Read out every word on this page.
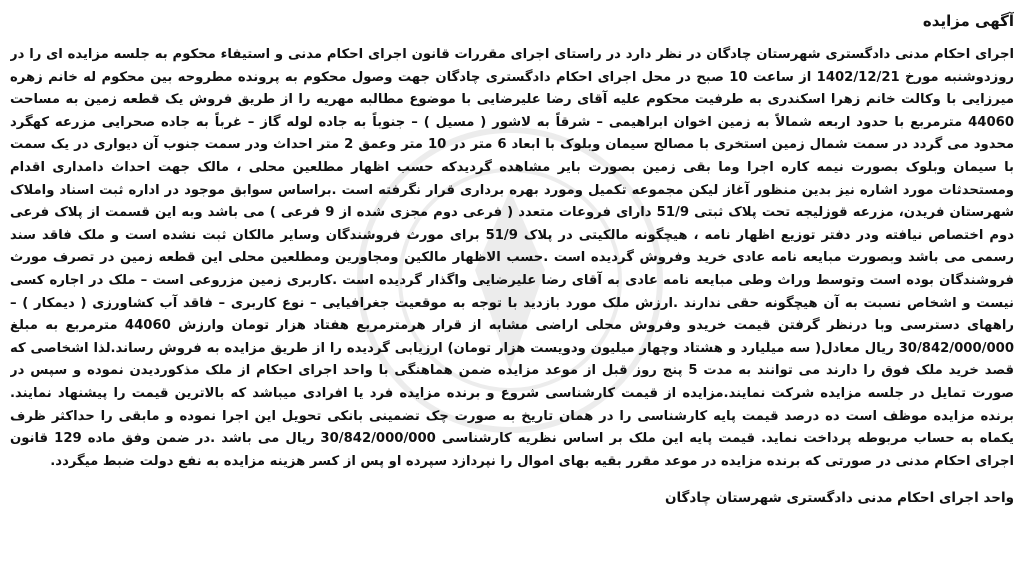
آگهی مزایده

اجرای احکام مدنی دادگستری شهرستان چادگان در نظر دارد در راستای اجرای مقررات قانون اجرای احکام مدنی و استیفاء محکوم به جلسه مزایده ای را در روزدوشنبه مورخ 1402/12/21 از ساعت 10 صبح در محل اجرای احکام دادگستری چادگان جهت وصول محکوم به پرونده مطروحه بین محکوم له خانم زهره میرزایی با وکالت خانم زهرا اسکندری به طرفیت محکوم علیه آقای رضا علیرضایی با موضوع مطالبه مهریه را از طریق فروش یک قطعه زمین به مساحت 44060 مترمربع با حدود اربعه شمالاً به زمین اخوان ابراهیمی – شرقاً به لاشور ( مسیل ) – جنوباً به جاده لوله گاز – غرباً به جاده صحرایی مزرعه کهگرد محدود می گردد در سمت شمال زمین استخری با مصالح سیمان وبلوک با ابعاد 6 متر در 10 متر وعمق 2 متر احداث ودر سمت جنوب آن دیواری در یک سمت با سیمان وبلوک بصورت نیمه کاره اجرا وما بقی زمین بصورت بایر مشاهده گردیدکه حسب اظهار مطلعین محلی ، مالک جهت احداث دامداری اقدام ومستحدثات مورد اشاره نیز بدین منظور آغاز لیکن مجموعه تکمیل ومورد بهره برداری قرار نگرفته است .براساس سوابق موجود در اداره ثبت اسناد واملاک شهرستان فریدن، مزرعه قوزلیجه تحت پلاک ثبتی 51/9 دارای فروعات متعدد ( فرعی دوم مجزی شده از 9 فرعی ) می باشد وبه این قسمت از پلاک فرعی دوم اختصاص نیافته ودر دفتر توزیع اظهار نامه ، هیچگونه مالکیتی در پلاک 51/9 برای مورث فروشندگان وسایر مالکان ثبت نشده است و ملک فاقد سند رسمی می باشد وبصورت مبایعه نامه عادی خرید وفروش گردیده است .حسب الاظهار مالکین ومجاورین ومطلعین محلی این قطعه زمین در تصرف مورث فروشندگان بوده است وتوسط وراث وطی مبایعه نامه عادی به آقای رضا علیرضایی واگذار گردیده است .کاربری زمین مزروعی است – ملک در اجاره کسی نیست و اشخاص نسبت به آن هیچگونه حقی ندارند .ارزش ملک مورد بازدید با توجه به موقعیت جغرافیایی – نوع کاربری – فاقد آب کشاورزی ( دیمکار ) – راههای دسترسی وبا درنظر گرفتن قیمت خریدو وفروش محلی اراضی مشابه از قرار هرمترمربع هفتاد هزار تومان وارزش 44060 مترمربع به مبلغ 30/842/000/000 ریال معادل( سه میلیارد و هشتاد وچهار میلیون ودویست هزار تومان) ارزیابی گردیده را از طریق مزایده به فروش رساند.لذا اشخاصی که قصد خرید ملک فوق را دارند می توانند به مدت 5 پنج روز قبل از موعد مزایده ضمن هماهنگی با واحد اجرای احکام از ملک مذکوردیدن نموده و سپس در صورت تمایل در جلسه مزایده شرکت نمایند.مزایده از قیمت کارشناسی شروع و برنده مزایده فرد یا افرادی میباشد که بالاترین قیمت را پیشنهاد نمایند. برنده مزایده موظف است ده درصد قیمت پایه کارشناسی را در همان تاریخ به صورت چک تضمینی بانکی تحویل این اجرا نموده و مابقی را حداکثر ظرف یکماه به حساب مربوطه پرداخت نماید. قیمت پایه این ملک بر اساس نظریه کارشناسی 30/842/000/000 ریال می باشد .در ضمن وفق ماده 129 قانون اجرای احکام مدنی در صورتی که برنده مزایده در موعد مقرر بقیه بهای اموال را نپردازد سپرده او پس از کسر هزینه مزایده به نفع دولت ضبط میگردد.

واحد اجرای احکام مدنی دادگستری شهرستان چادگان
